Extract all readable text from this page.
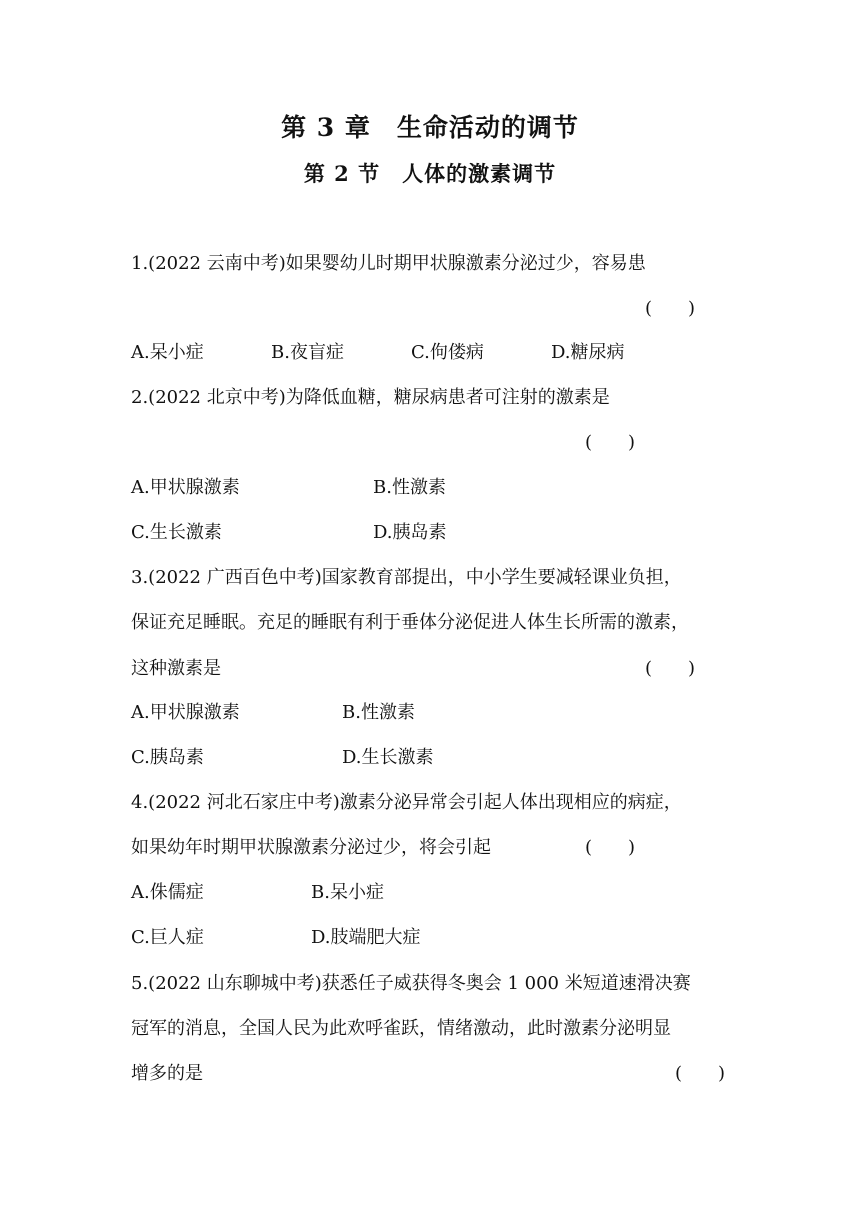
第 3 章　生命活动的调节
第 2 节　人体的激素调节
1.(2022 云南中考)如果婴幼儿时期甲状腺激素分泌过少，容易患
(　　)
A.呆小症	B.夜盲症	C.佝偻病	D.糖尿病
2.(2022 北京中考)为降低血糖，糖尿病患者可注射的激素是
(　　)
A.甲状腺激素	B.性激素
C.生长激素	D.胰岛素
3.(2022 广西百色中考)国家教育部提出，中小学生要减轻课业负担，
保证充足睡眠。充足的睡眠有利于垂体分泌促进人体生长所需的激素，
这种激素是	(　　)
A.甲状腺激素	B.性激素
C.胰岛素	D.生长激素
4.(2022 河北石家庄中考)激素分泌异常会引起人体出现相应的病症，
如果幼年时期甲状腺激素分泌过少，将会引起	(　　)
A.侏儒症	B.呆小症
C.巨人症	D.肢端肥大症
5.(2022 山东聊城中考)获悉任子威获得冬奥会 1 000 米短道速滑决赛
冠军的消息，全国人民为此欢呼雀跃，情绪激动，此时激素分泌明显
增多的是	(　　)
